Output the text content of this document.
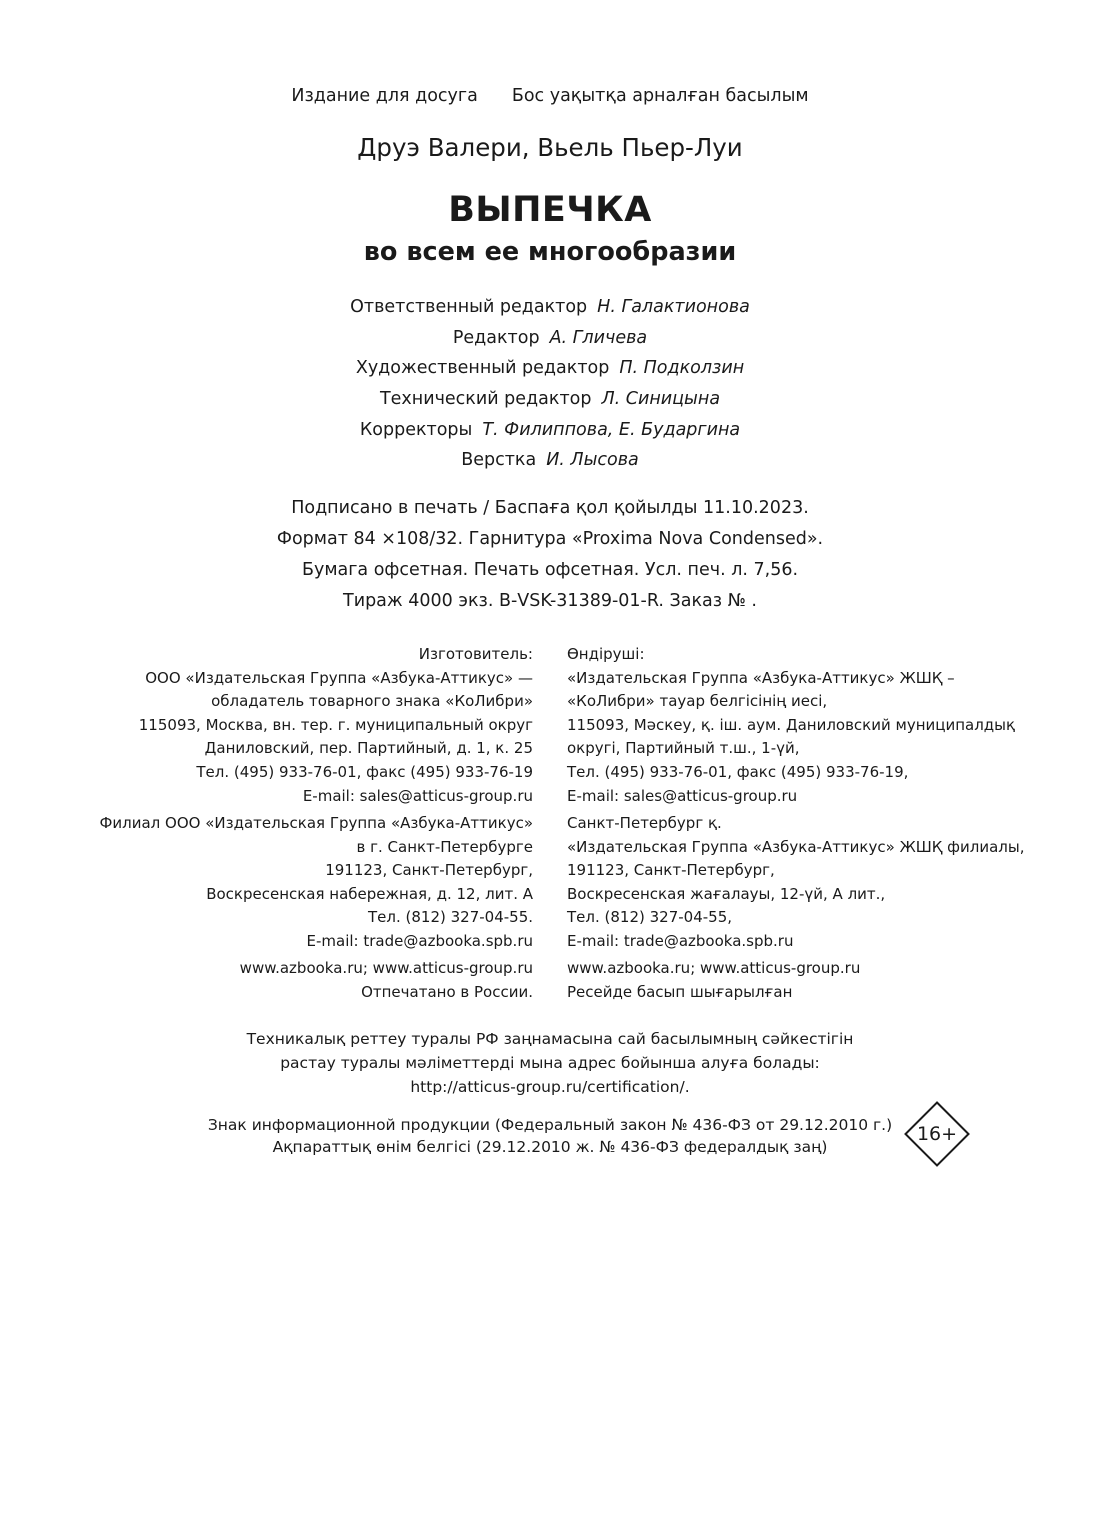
Издание для досуга Бос уақытқа арналған басылым
Друэ Валери, Вьель Пьер-Луи
ВЫПЕЧКА
во всем ее многообразии
Ответственный редактор Н. Галактионова
Редактор А. Гличева
Художественный редактор П. Подколзин
Технический редактор Л. Синицына
Корректоры Т. Филиппова, Е. Бударгина
Верстка И. Лысова
Подписано в печать / Баспаға қол қойылды 11.10.2023.
Формат 84 ×108/32. Гарнитура «Proxima Nova Condensed».
Бумага офсетная. Печать офсетная. Усл. печ. л. 7,56.
Тираж 4000 экз. В-VSK-31389-01-R. Заказ № .
Изготовитель:
ООО «Издательская Группа «Азбука-Аттикус» —
обладатель товарного знака «КоЛибри»
115093, Москва, вн. тер. г. муниципальный округ
Даниловский, пер. Партийный, д. 1, к. 25
Тел. (495) 933-76-01, факс (495) 933-76-19
E-mail: sales@atticus-group.ru
Өндіруші:
«Издательская Группа «Азбука-Аттикус» ЖШҚ –
«КоЛибри» тауар белгісінің иесі,
115093, Мәскеу, қ. іш. аум. Даниловский муниципалдық
округі, Партийный т.ш., 1-үй,
Тел. (495) 933-76-01, факс (495) 933-76-19,
E-mail: sales@atticus-group.ru
Филиал ООО «Издательская Группа «Азбука-Аттикус»
в г. Санкт-Петербурге
191123, Санкт-Петербург,
Воскресенская набережная, д. 12, лит. А
Тел. (812) 327-04-55.
E-mail: trade@azbooka.spb.ru
Санкт-Петербург қ.
«Издательская Группа «Азбука-Аттикус» ЖШҚ филиалы,
191123, Санкт-Петербург,
Воскресенская жағалауы, 12-үй, А лит.,
Тел. (812) 327-04-55,
E-mail: trade@azbooka.spb.ru
www.azbooka.ru; www.atticus-group.ru
Отпечатано в России.
www.azbooka.ru; www.atticus-group.ru
Ресейде басып шығарылған
Техникалық реттеу туралы РФ заңнамасына сай басылымның сәйкестігін
растау туралы мәліметтерді мына адрес бойынша алуға болады:
http://atticus-group.ru/certification/.
Знак информационной продукции (Федеральный закон № 436-ФЗ от 29.12.2010 г.)
Ақпараттық өнім белгісі (29.12.2010 ж. № 436-ФЗ федералдық заң)
16+
